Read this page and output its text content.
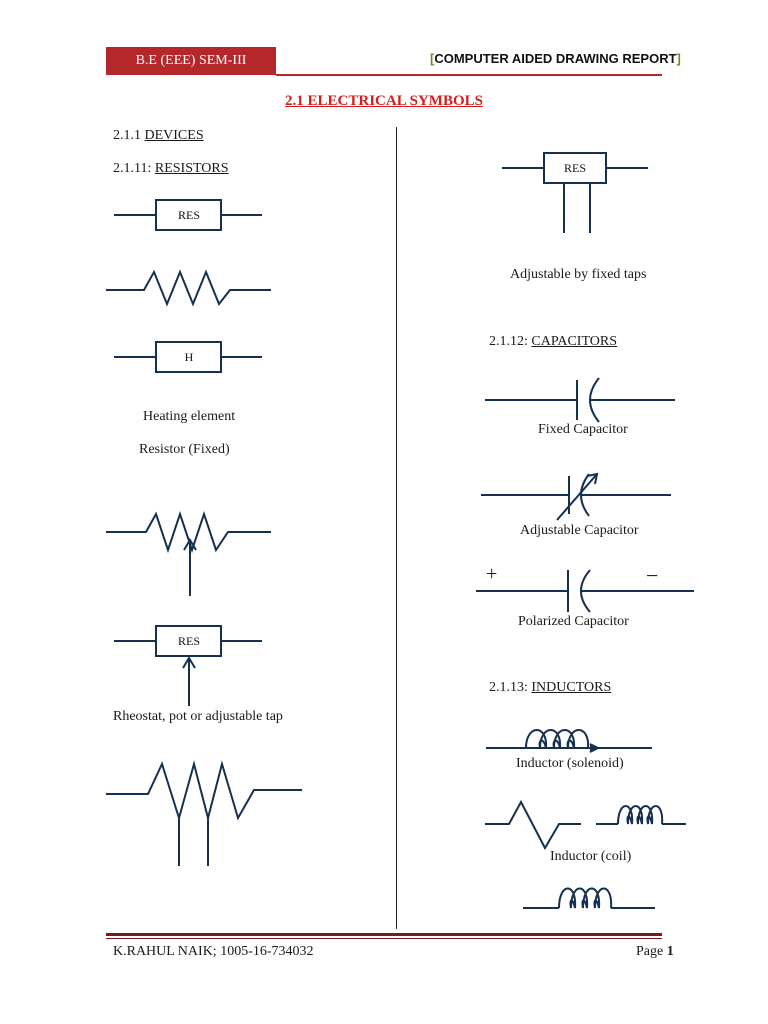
B.E (EEE) SEM-III	[COMPUTER AIDED DRAWING REPORT]
2.1 ELECTRICAL SYMBOLS
2.1.1 DEVICES
2.1.11: RESISTORS
RES
H
Heating element
Resistor (Fixed)
RES
Rheostat, pot or adjustable tap
RES
Adjustable by fixed taps
2.1.12: CAPACITORS
Fixed Capacitor
Adjustable Capacitor
+	−
Polarized Capacitor
2.1.13: INDUCTORS
Inductor (solenoid)
Inductor (coil)
K.RAHUL NAIK; 1005-16-734032	Page 1
